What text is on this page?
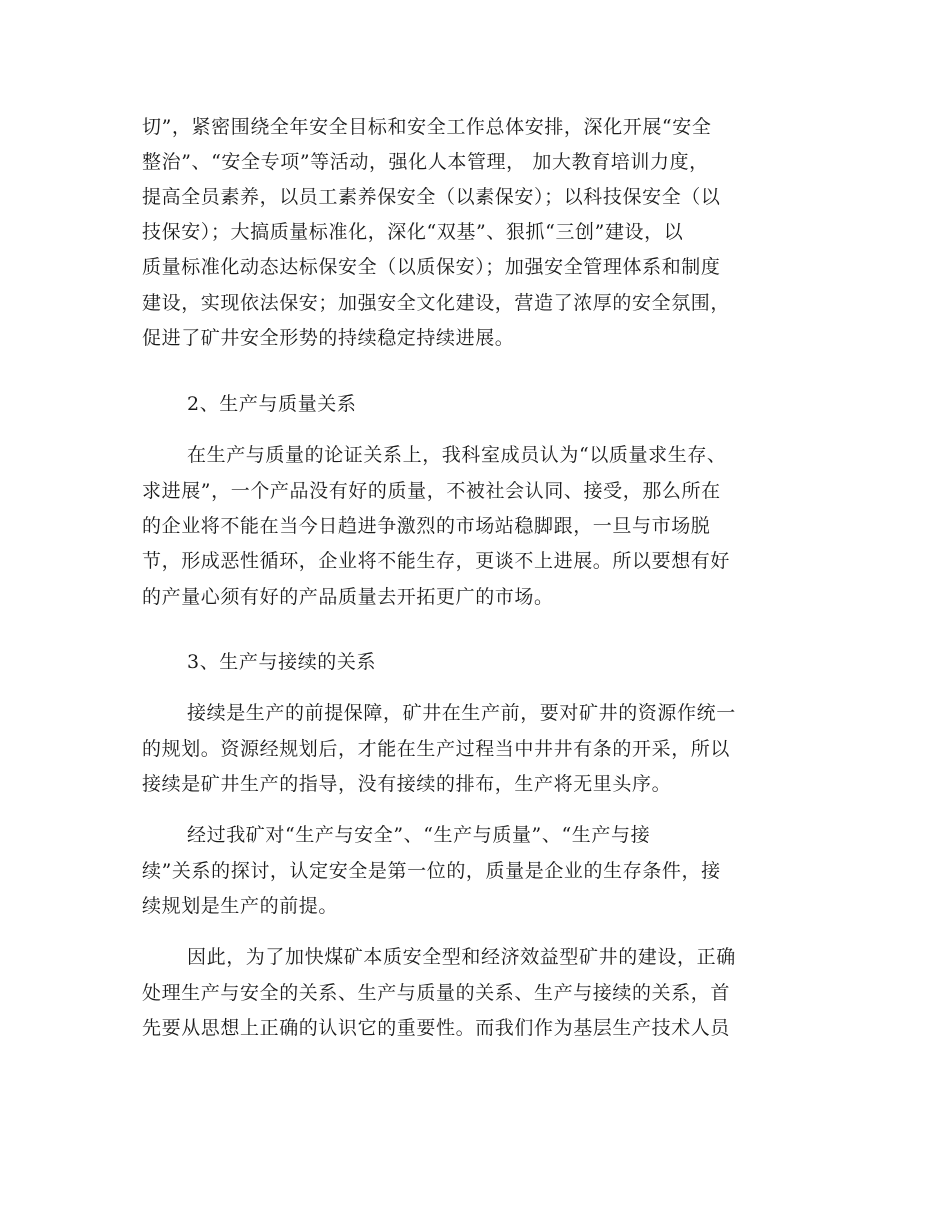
切”，紧密围绕全年安全目标和安全工作总体安排，深化开展“安全
整治”、“安全专项”等活动，强化人本管理， 加大教育培训力度，
提高全员素养，以员工素养保安全（以素保安）；以科技保安全（以
技保安）；大搞质量标准化，深化“双基”、狠抓“三创”建设，以
质量标准化动态达标保安全（以质保安）；加强安全管理体系和制度
建设，实现依法保安；加强安全文化建设，营造了浓厚的安全氛围，
促进了矿井安全形势的持续稳定持续进展。
2、生产与质量关系
在生产与质量的论证关系上，我科室成员认为“以质量求生存、
求进展”，一个产品没有好的质量，不被社会认同、接受，那么所在
的企业将不能在当今日趋进争激烈的市场站稳脚跟，一旦与市场脱
节，形成恶性循环，企业将不能生存，更谈不上进展。所以要想有好
的产量心须有好的产品质量去开拓更广的市场。
3、生产与接续的关系
接续是生产的前提保障，矿井在生产前，要对矿井的资源作统一
的规划。资源经规划后，才能在生产过程当中井井有条的开采，所以
接续是矿井生产的指导，没有接续的排布，生产将无里头序。
经过我矿对“生产与安全”、“生产与质量”、“生产与接
续”关系的探讨，认定安全是第一位的，质量是企业的生存条件，接
续规划是生产的前提。
因此，为了加快煤矿本质安全型和经济效益型矿井的建设，正确
处理生产与安全的关系、生产与质量的关系、生产与接续的关系，首
先要从思想上正确的认识它的重要性。而我们作为基层生产技术人员
